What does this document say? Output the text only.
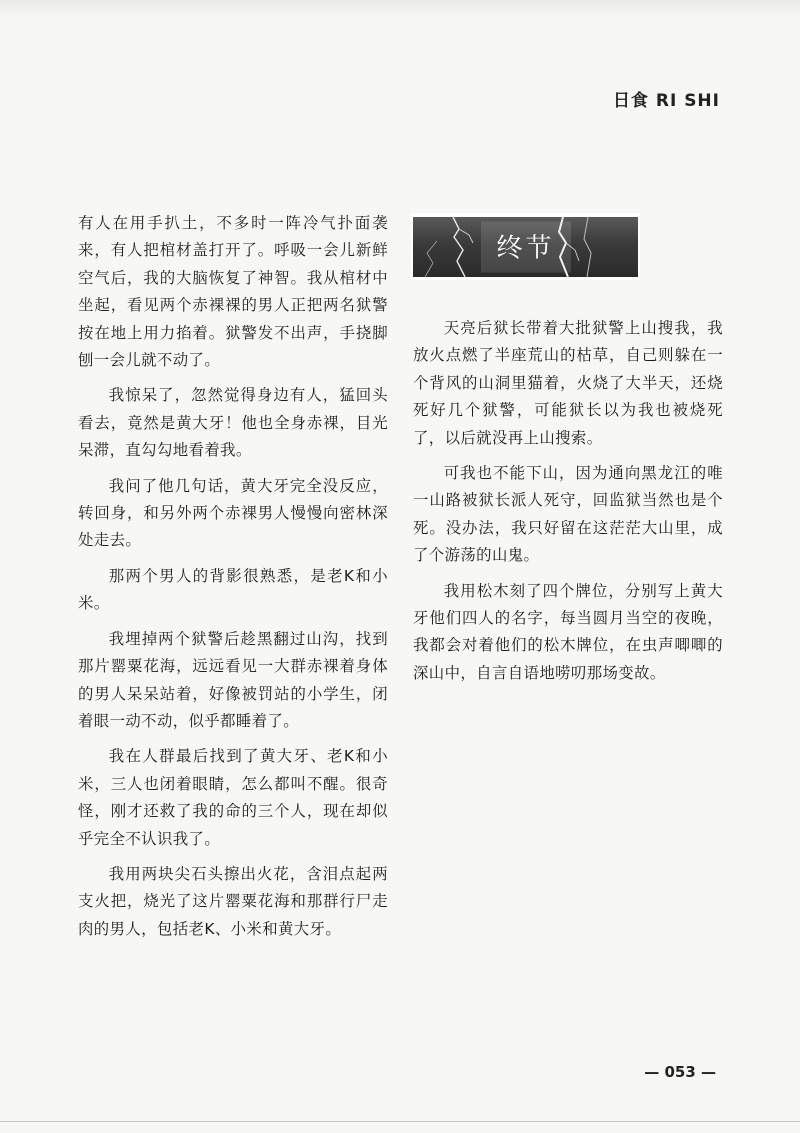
日食 RI SHI

有人在用手扒土，不多时一阵冷气扑面袭来，有人把棺材盖打开了。呼吸一会儿新鲜空气后，我的大脑恢复了神智。我从棺材中坐起，看见两个赤裸裸的男人正把两名狱警按在地上用力掐着。狱警发不出声，手挠脚刨一会儿就不动了。

我惊呆了，忽然觉得身边有人，猛回头看去，竟然是黄大牙！他也全身赤裸，目光呆滞，直勾勾地看着我。

我问了他几句话，黄大牙完全没反应，转回身，和另外两个赤裸男人慢慢向密林深处走去。

那两个男人的背影很熟悉，是老K和小米。

我埋掉两个狱警后趁黑翻过山沟，找到那片罂粟花海，远远看见一大群赤裸着身体的男人呆呆站着，好像被罚站的小学生，闭着眼一动不动，似乎都睡着了。

我在人群最后找到了黄大牙、老K和小米，三人也闭着眼睛，怎么都叫不醒。很奇怪，刚才还救了我的命的三个人，现在却似乎完全不认识我了。

我用两块尖石头擦出火花，含泪点起两支火把，烧光了这片罂粟花海和那群行尸走肉的男人，包括老K、小米和黄大牙。

终节

天亮后狱长带着大批狱警上山搜我，我放火点燃了半座荒山的枯草，自己则躲在一个背风的山洞里猫着，火烧了大半天，还烧死好几个狱警，可能狱长以为我也被烧死了，以后就没再上山搜索。

可我也不能下山，因为通向黑龙江的唯一山路被狱长派人死守，回监狱当然也是个死。没办法，我只好留在这茫茫大山里，成了个游荡的山鬼。

我用松木刻了四个牌位，分别写上黄大牙他们四人的名字，每当圆月当空的夜晚，我都会对着他们的松木牌位，在虫声唧唧的深山中，自言自语地唠叨那场变故。

— 053 —
